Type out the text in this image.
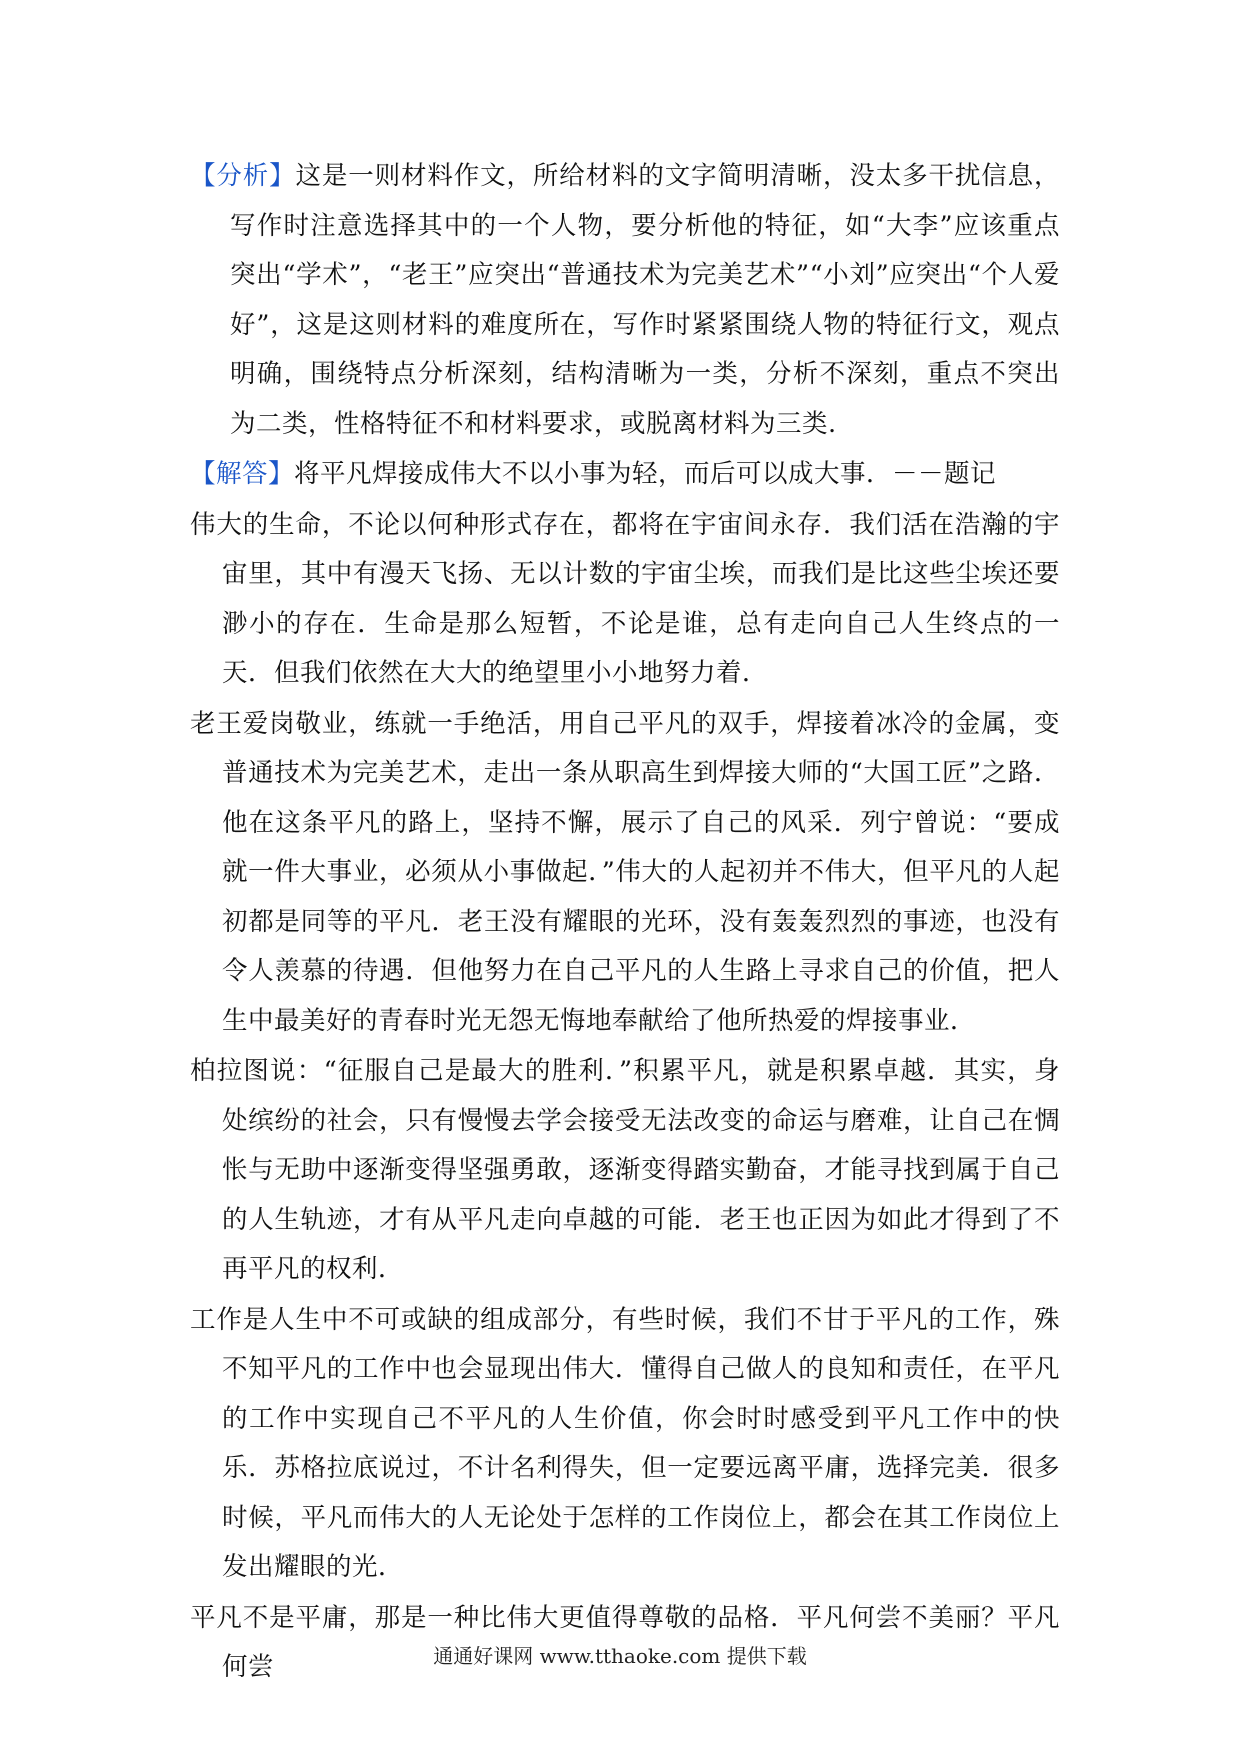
【分析】这是一则材料作文，所给材料的文字简明清晰，没太多干扰信息，写作时注意选择其中的一个人物，要分析他的特征，如“大李”应该重点突出“学术”，“老王”应突出“普通技术为完美艺术”“小刘”应突出“个人爱好”，这是这则材料的难度所在，写作时紧紧围绕人物的特征行文，观点明确，围绕特点分析深刻，结构清晰为一类，分析不深刻，重点不突出为二类，性格特征不和材料要求，或脱离材料为三类.

【解答】将平凡焊接成伟大不以小事为轻，而后可以成大事．－－题记

伟大的生命，不论以何种形式存在，都将在宇宙间永存．我们活在浩瀚的宇宙里，其中有漫天飞扬、无以计数的宇宙尘埃，而我们是比这些尘埃还要渺小的存在．生命是那么短暂，不论是谁，总有走向自己人生终点的一天．但我们依然在大大的绝望里小小地努力着．

老王爱岗敬业，练就一手绝活，用自己平凡的双手，焊接着冰冷的金属，变普通技术为完美艺术，走出一条从职高生到焊接大师的“大国工匠”之路．他在这条平凡的路上，坚持不懈，展示了自己的风采．列宁曾说：“要成就一件大事业，必须从小事做起．”伟大的人起初并不伟大，但平凡的人起初都是同等的平凡．老王没有耀眼的光环，没有轰轰烈烈的事迹，也没有令人羡慕的待遇．但他努力在自己平凡的人生路上寻求自己的价值，把人生中最美好的青春时光无怨无悔地奉献给了他所热爱的焊接事业．

柏拉图说：“征服自己是最大的胜利．”积累平凡，就是积累卓越．其实，身处缤纷的社会，只有慢慢去学会接受无法改变的命运与磨难，让自己在惆怅与无助中逐渐变得坚强勇敢，逐渐变得踏实勤奋，才能寻找到属于自己的人生轨迹，才有从平凡走向卓越的可能．老王也正因为如此才得到了不再平凡的权利．

工作是人生中不可或缺的组成部分，有些时候，我们不甘于平凡的工作，殊不知平凡的工作中也会显现出伟大．懂得自己做人的良知和责任，在平凡的工作中实现自己不平凡的人生价值，你会时时感受到平凡工作中的快乐．苏格拉底说过，不计名利得失，但一定要远离平庸，选择完美．很多时候，平凡而伟大的人无论处于怎样的工作岗位上，都会在其工作岗位上发出耀眼的光．

平凡不是平庸，那是一种比伟大更值得尊敬的品格．平凡何尝不美丽？平凡何尝	通通好课网 www.tthaoke.com 提供下载
